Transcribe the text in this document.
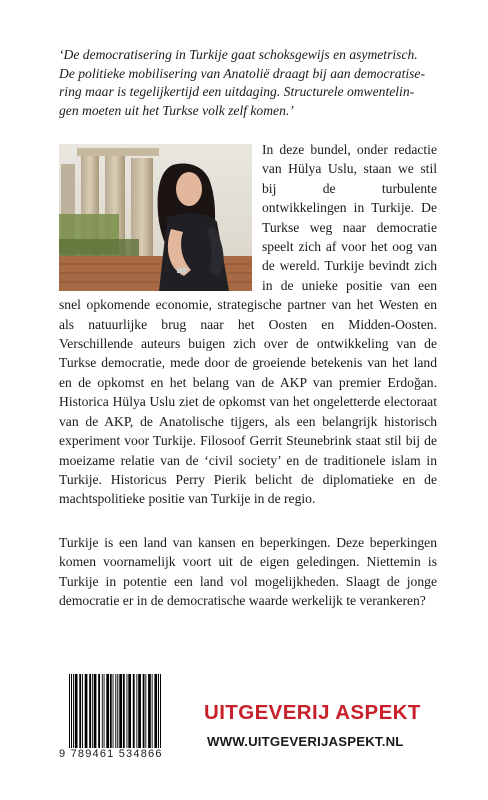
‘De democratisering in Turkije gaat schoksgewijs en asymetrisch.
De politieke mobilisering van Anatolië draagt bij aan democratise-
ring maar is tegelijkertijd een uitdaging. Structurele omwentelin-
gen moeten uit het Turkse volk zelf komen.’
In deze bundel, onder redactie van Hülya Uslu, staan we stil bij de turbulente ontwikkelingen in Turkije. De Turkse weg naar democratie speelt zich af voor het oog van de wereld. Turkije bevindt zich in de unieke positie van een snel opkomende economie, strategische partner van het Westen en als natuurlijke brug naar het Oosten en Midden-Oosten. Verschillende auteurs buigen zich over de ontwikkeling van de Turkse democratie, mede door de groeiende betekenis van het land en de opkomst en het belang van de AKP van premier Erdoğan. Historica Hülya Uslu ziet de opkomst van het ongeletterde electoraat van de AKP, de Anatolische tijgers, als een belangrijk historisch experiment voor Turkije. Filosoof Gerrit Steunebrink staat stil bij de moeizame relatie van de ‘civil society’ en de traditionele islam in Turkije. Historicus Perry Pierik belicht de diplomatieke en de machtspolitieke positie van Turkije in de regio.
Turkije is een land van kansen en beperkingen. Deze beperkingen komen voornamelijk voort uit de eigen geledingen. Niettemin is Turkije in potentie een land vol mogelijkheden. Slaagt de jonge democratie er in de democratische waarde werkelijk te verankeren?
9 789461 534866
UITGEVERIJ ASPEKT
WWW.UITGEVERIJASPEKT.NL
